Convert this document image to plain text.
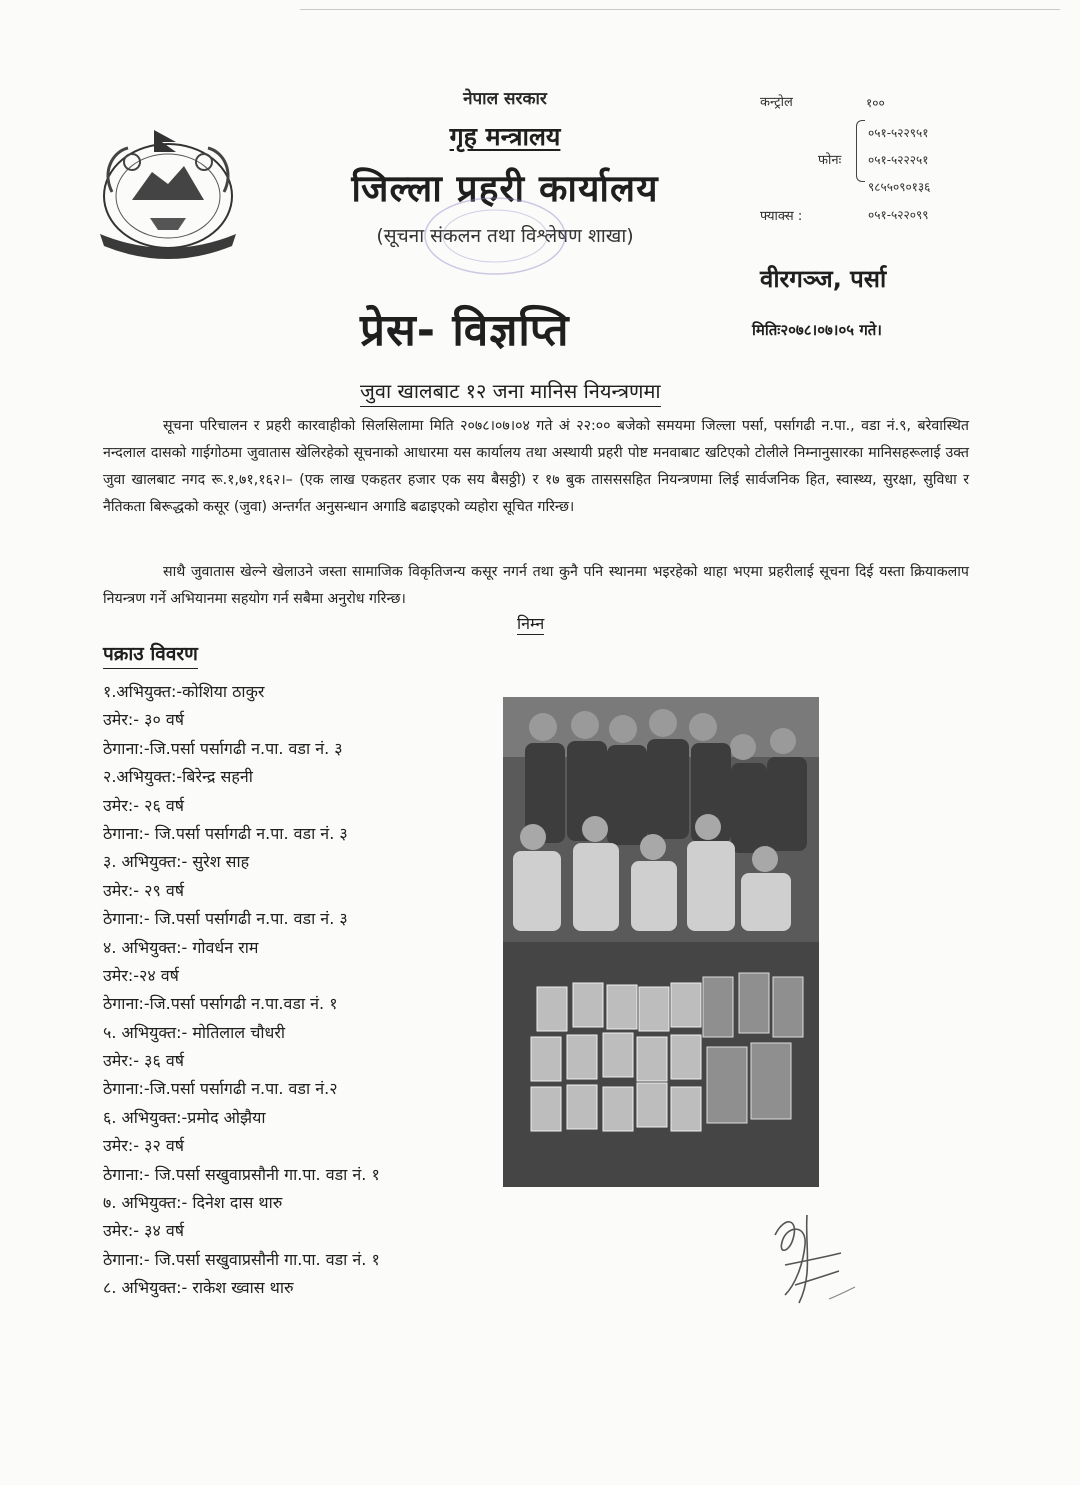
नेपाल सरकार
गृह मन्त्रालय
जिल्ला प्रहरी कार्यालय
(सूचना संकलन तथा विश्लेषण शाखा)
कन्ट्रोल	१००
फोनः
०५१-५२२९५१
०५१-५२२२५१
९८५५०९०१३६
फ्याक्स :	०५१-५२२०९९
वीरगञ्ज, पर्सा
प्रेस- विज्ञप्ति	मितिः२०७८।०७।०५ गते।
जुवा खालबाट १२ जना मानिस नियन्त्रणमा
सूचना परिचालन र प्रहरी कारवाहीको सिलसिलामा मिति २०७८।०७।०४ गते अं २२:०० बजेको समयमा जिल्ला पर्सा, पर्सागढी न.पा., वडा नं.९, बरेवास्थित नन्दलाल दासको गाईगोठमा जुवातास खेलिरहेको सूचनाको आधारमा यस कार्यालय तथा अस्थायी प्रहरी पोष्ट मनवाबाट खटिएको टोलीले निम्नानुसारका मानिसहरूलाई उक्त जुवा खालबाट नगद रू.१,७१,१६२।– (एक लाख एकहतर हजार एक सय बैसठ्ठी) र १७ बुक तासससहित नियन्त्रणमा लिई सार्वजनिक हित, स्वास्थ्य, सुरक्षा, सुविधा र नैतिकता बिरूद्धको कसूर (जुवा) अन्तर्गत अनुसन्धान अगाडि बढाइएको व्यहोरा सूचित गरिन्छ।
साथै जुवातास खेल्ने खेलाउने जस्ता सामाजिक विकृतिजन्य कसूर नगर्न तथा कुनै पनि स्थानमा भइरहेको थाहा भएमा प्रहरीलाई सूचना दिई यस्ता क्रियाकलाप नियन्त्रण गर्ने अभियानमा सहयोग गर्न सबैमा अनुरोध गरिन्छ।
निम्न
पक्राउ विवरण
१.अभियुक्त:-कोशिया ठाकुर
उमेर:- ३० वर्ष
ठेगाना:-जि.पर्सा पर्सागढी न.पा. वडा नं. ३
२.अभियुक्त:-बिरेन्द्र सहनी
उमेर:- २६ वर्ष
ठेगाना:- जि.पर्सा पर्सागढी न.पा. वडा नं. ३
३. अभियुक्त:- सुरेश साह
उमेर:- २९ वर्ष
ठेगाना:- जि.पर्सा पर्सागढी न.पा. वडा नं. ३
४. अभियुक्त:- गोवर्धन राम
उमेर:-२४ वर्ष
ठेगाना:-जि.पर्सा पर्सागढी न.पा.वडा नं. १
५. अभियुक्त:- मोतिलाल चौधरी
उमेर:- ३६ वर्ष
ठेगाना:-जि.पर्सा पर्सागढी न.पा. वडा नं.२
६. अभियुक्त:-प्रमोद ओझैया
उमेर:- ३२ वर्ष
ठेगाना:- जि.पर्सा सखुवाप्रसौनी गा.पा. वडा नं. १
७. अभियुक्त:- दिनेश दास थारु
उमेर:- ३४ वर्ष
ठेगाना:- जि.पर्सा सखुवाप्रसौनी गा.पा. वडा नं. १
८. अभियुक्त:- राकेश ख्वास थारु
